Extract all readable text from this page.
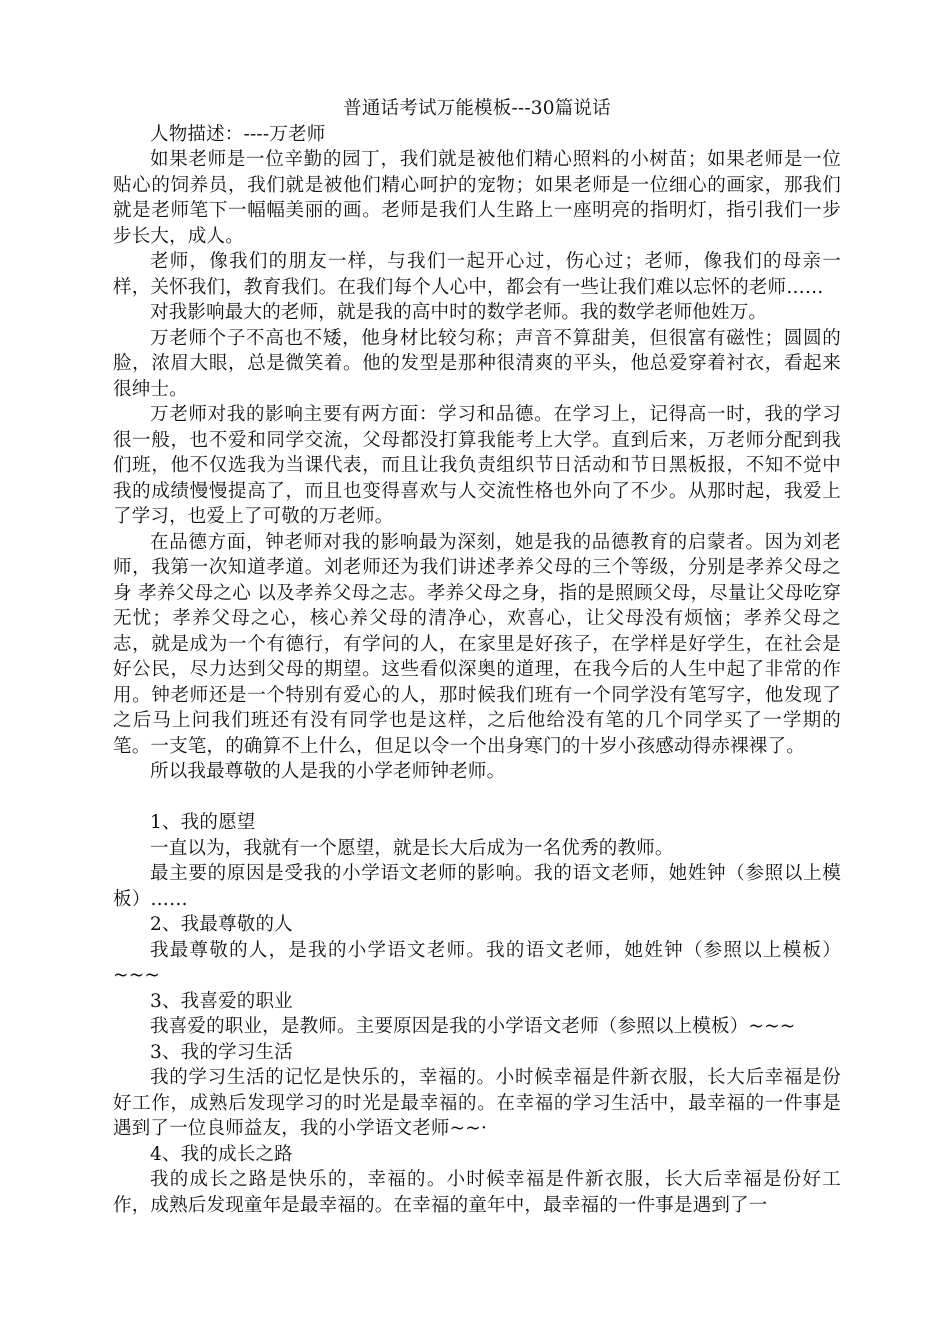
普通话考试万能模板---30篇说话

人物描述：----万老师

如果老师是一位辛勤的园丁，我们就是被他们精心照料的小树苗；如果老师是一位贴心的饲养员，我们就是被他们精心呵护的宠物；如果老师是一位细心的画家，那我们就是老师笔下一幅幅美丽的画。老师是我们人生路上一座明亮的指明灯，指引我们一步步长大，成人。

老师，像我们的朋友一样，与我们一起开心过，伤心过；老师，像我们的母亲一样，关怀我们，教育我们。在我们每个人心中，都会有一些让我们难以忘怀的老师……

对我影响最大的老师，就是我的高中时的数学老师。我的数学老师他姓万。

万老师个子不高也不矮，他身材比较匀称；声音不算甜美，但很富有磁性；圆圆的脸，浓眉大眼，总是微笑着。他的发型是那种很清爽的平头，他总爱穿着衬衣，看起来很绅士。

万老师对我的影响主要有两方面：学习和品德。在学习上，记得高一时，我的学习很一般，也不爱和同学交流，父母都没打算我能考上大学。直到后来，万老师分配到我们班，他不仅选我为当课代表，而且让我负责组织节日活动和节日黑板报，不知不觉中我的成绩慢慢提高了，而且也变得喜欢与人交流性格也外向了不少。从那时起，我爱上了学习，也爱上了可敬的万老师。

在品德方面，钟老师对我的影响最为深刻，她是我的品德教育的启蒙者。因为刘老师，我第一次知道孝道。刘老师还为我们讲述孝养父母的三个等级，分别是孝养父母之身 孝养父母之心 以及孝养父母之志。孝养父母之身，指的是照顾父母，尽量让父母吃穿无忧；孝养父母之心，核心养父母的清净心，欢喜心，让父母没有烦恼；孝养父母之志，就是成为一个有德行，有学问的人，在家里是好孩子，在学样是好学生，在社会是好公民，尽力达到父母的期望。这些看似深奥的道理，在我今后的人生中起了非常的作用。钟老师还是一个特别有爱心的人，那时候我们班有一个同学没有笔写字，他发现了之后马上问我们班还有没有同学也是这样，之后他给没有笔的几个同学买了一学期的笔。一支笔，的确算不上什么，但足以令一个出身寒门的十岁小孩感动得赤裸裸了。

所以我最尊敬的人是我的小学老师钟老师。

1、我的愿望

一直以为，我就有一个愿望，就是长大后成为一名优秀的教师。

最主要的原因是受我的小学语文老师的影响。我的语文老师，她姓钟（参照以上模板）……

2、我最尊敬的人

我最尊敬的人，是我的小学语文老师。我的语文老师，她姓钟（参照以上模板）~~~

3、我喜爱的职业

我喜爱的职业，是教师。主要原因是我的小学语文老师（参照以上模板）~~~

3、我的学习生活

我的学习生活的记忆是快乐的，幸福的。小时候幸福是件新衣服，长大后幸福是份好工作，成熟后发现学习的时光是最幸福的。在幸福的学习生活中，最幸福的一件事是遇到了一位良师益友，我的小学语文老师~~·

4、我的成长之路

我的成长之路是快乐的，幸福的。小时候幸福是件新衣服，长大后幸福是份好工作，成熟后发现童年是最幸福的。在幸福的童年中，最幸福的一件事是遇到了一
